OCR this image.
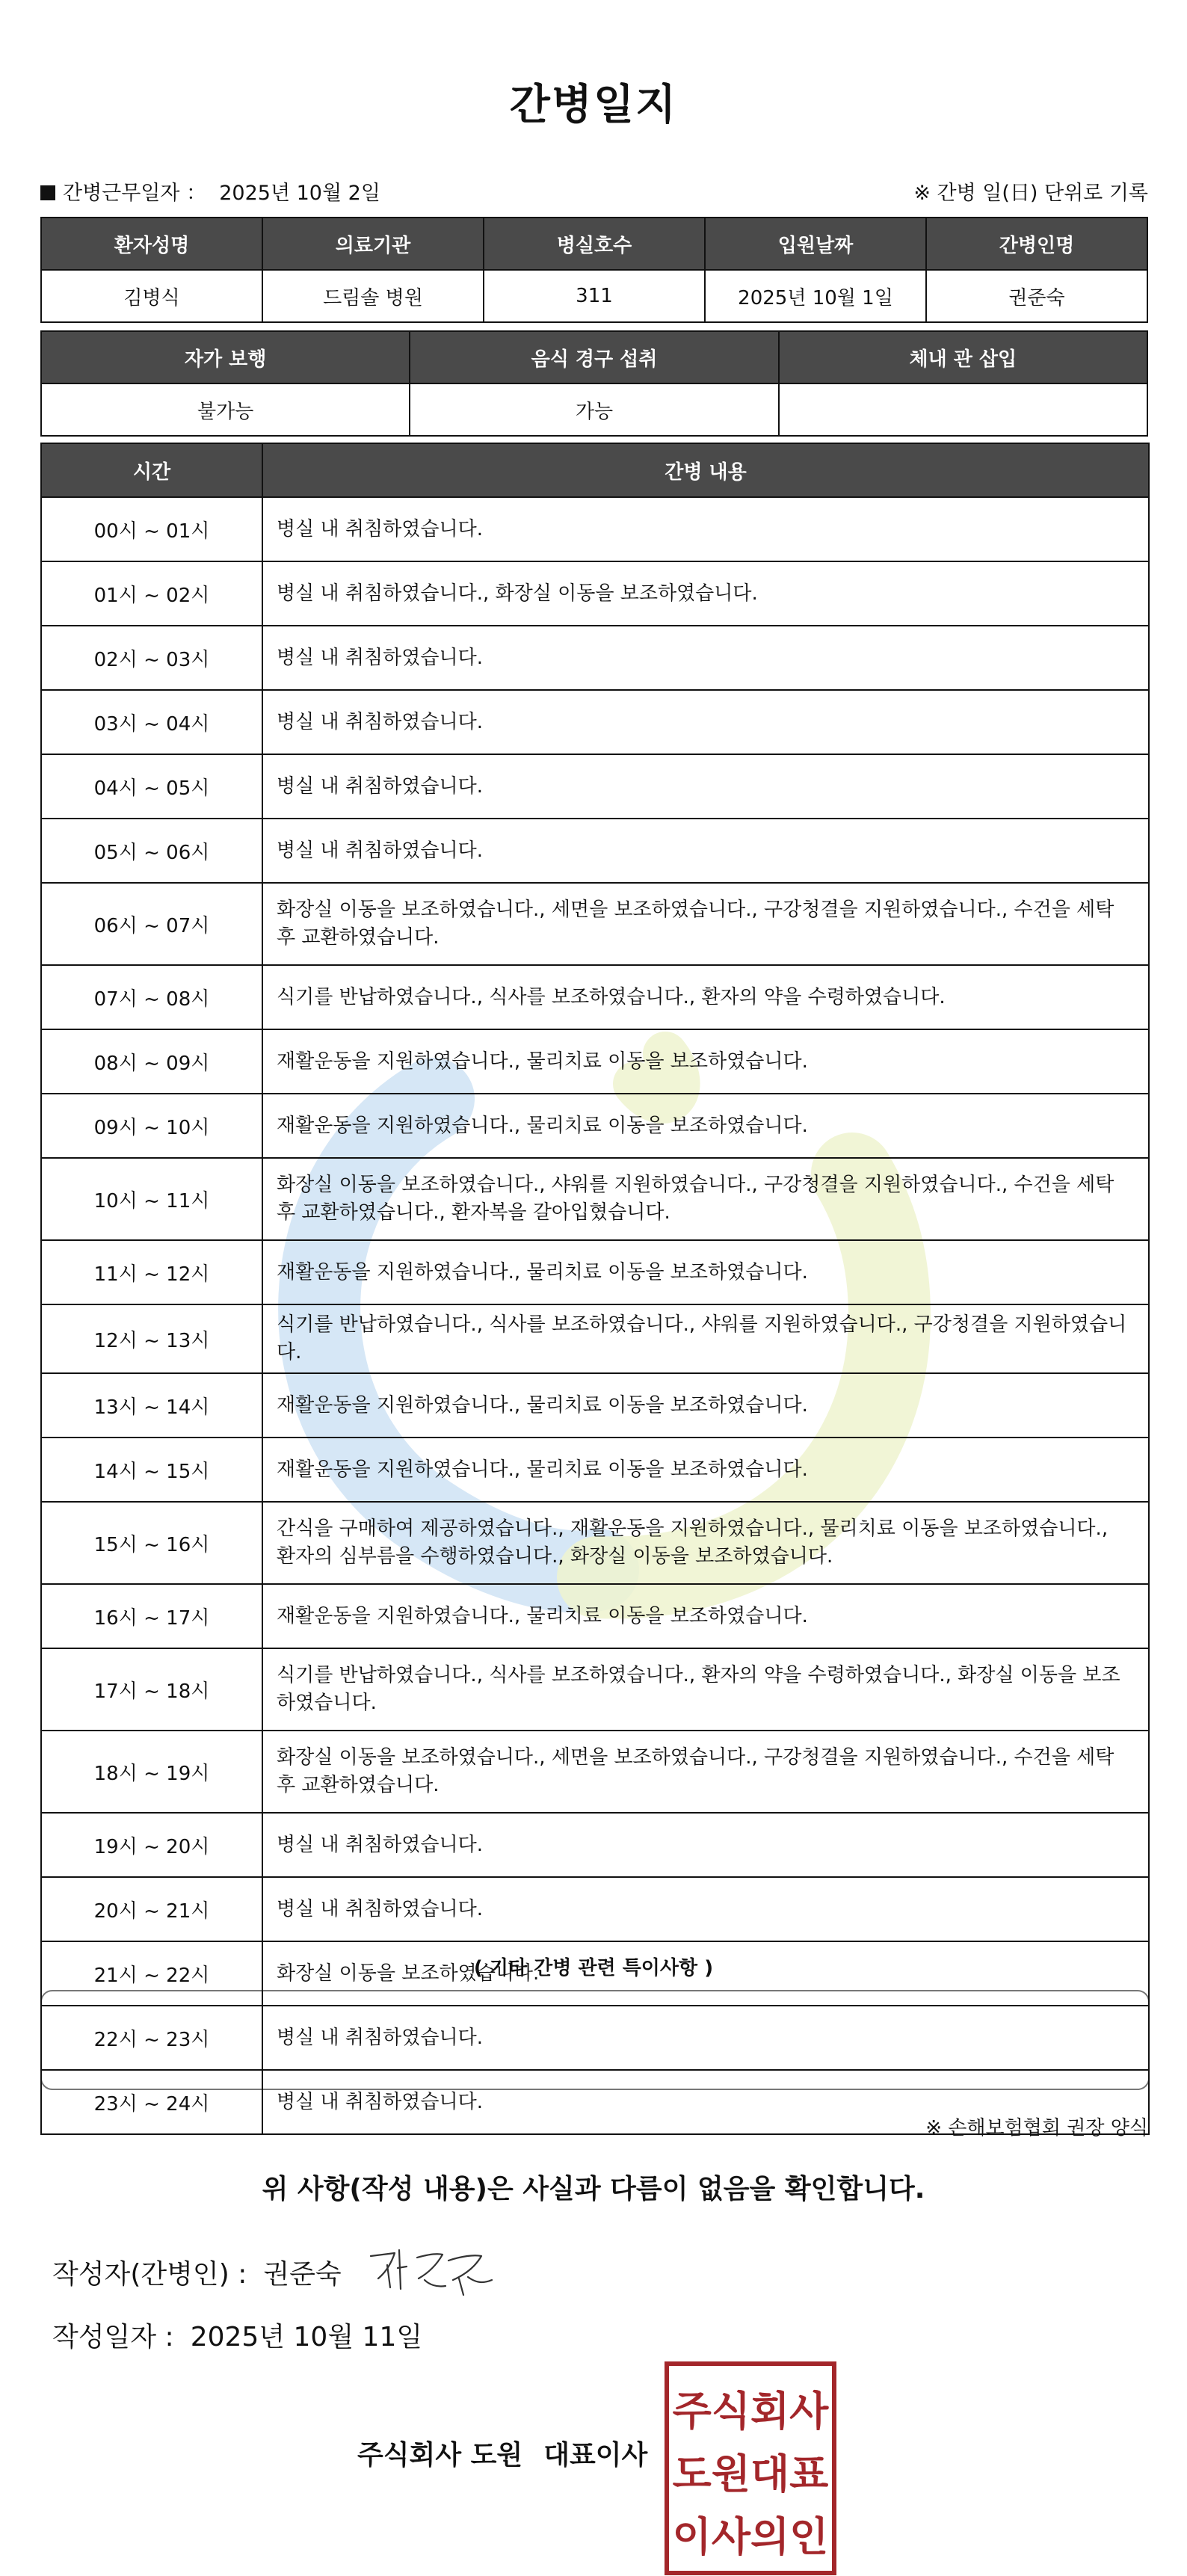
간병일지
간병근무일자 ： 2025년 10월 2일	※ 간병 일(日) 단위로 기록
환자성명	의료기관	병실호수	입원날짜	간병인명
김병식	드림솔 병원	311	2025년 10월 1일	권준숙
자가 보행	음식 경구 섭취	체내 관 삽입
불가능	가능	
시간	간병 내용
00시 ~ 01시	병실 내 취침하였습니다.
01시 ~ 02시	병실 내 취침하였습니다., 화장실 이동을 보조하였습니다.
02시 ~ 03시	병실 내 취침하였습니다.
03시 ~ 04시	병실 내 취침하였습니다.
04시 ~ 05시	병실 내 취침하였습니다.
05시 ~ 06시	병실 내 취침하였습니다.
06시 ~ 07시	화장실 이동을 보조하였습니다., 세면을 보조하였습니다., 구강청결을 지원하였습니다., 수건을 세탁 후 교환하였습니다.
07시 ~ 08시	식기를 반납하였습니다., 식사를 보조하였습니다., 환자의 약을 수령하였습니다.
08시 ~ 09시	재활운동을 지원하였습니다., 물리치료 이동을 보조하였습니다.
09시 ~ 10시	재활운동을 지원하였습니다., 물리치료 이동을 보조하였습니다.
10시 ~ 11시	화장실 이동을 보조하였습니다., 샤워를 지원하였습니다., 구강청결을 지원하였습니다., 수건을 세탁 후 교환하였습니다., 환자복을 갈아입혔습니다.
11시 ~ 12시	재활운동을 지원하였습니다., 물리치료 이동을 보조하였습니다.
12시 ~ 13시	식기를 반납하였습니다., 식사를 보조하였습니다., 샤워를 지원하였습니다., 구강청결을 지원하였습니다.
13시 ~ 14시	재활운동을 지원하였습니다., 물리치료 이동을 보조하였습니다.
14시 ~ 15시	재활운동을 지원하였습니다., 물리치료 이동을 보조하였습니다.
15시 ~ 16시	간식을 구매하여 제공하였습니다., 재활운동을 지원하였습니다., 물리치료 이동을 보조하였습니다., 환자의 심부름을 수행하였습니다., 화장실 이동을 보조하였습니다.
16시 ~ 17시	재활운동을 지원하였습니다., 물리치료 이동을 보조하였습니다.
17시 ~ 18시	식기를 반납하였습니다., 식사를 보조하였습니다., 환자의 약을 수령하였습니다., 화장실 이동을 보조하였습니다.
18시 ~ 19시	화장실 이동을 보조하였습니다., 세면을 보조하였습니다., 구강청결을 지원하였습니다., 수건을 세탁 후 교환하였습니다.
19시 ~ 20시	병실 내 취침하였습니다.
20시 ~ 21시	병실 내 취침하였습니다.
21시 ~ 22시	화장실 이동을 보조하였습니다.
22시 ~ 23시	병실 내 취침하였습니다.
23시 ~ 24시	병실 내 취침하였습니다.
( 기타 간병 관련 특이사항 )
※ 손해보험협회 권장 양식
위 사항(작성 내용)은 사실과 다름이 없음을 확인합니다.
작성자(간병인) : 권준숙
작성일자 : 2025년 10월 11일
주식회사 도원 대표이사
주식회사
도원대표
이사의인
